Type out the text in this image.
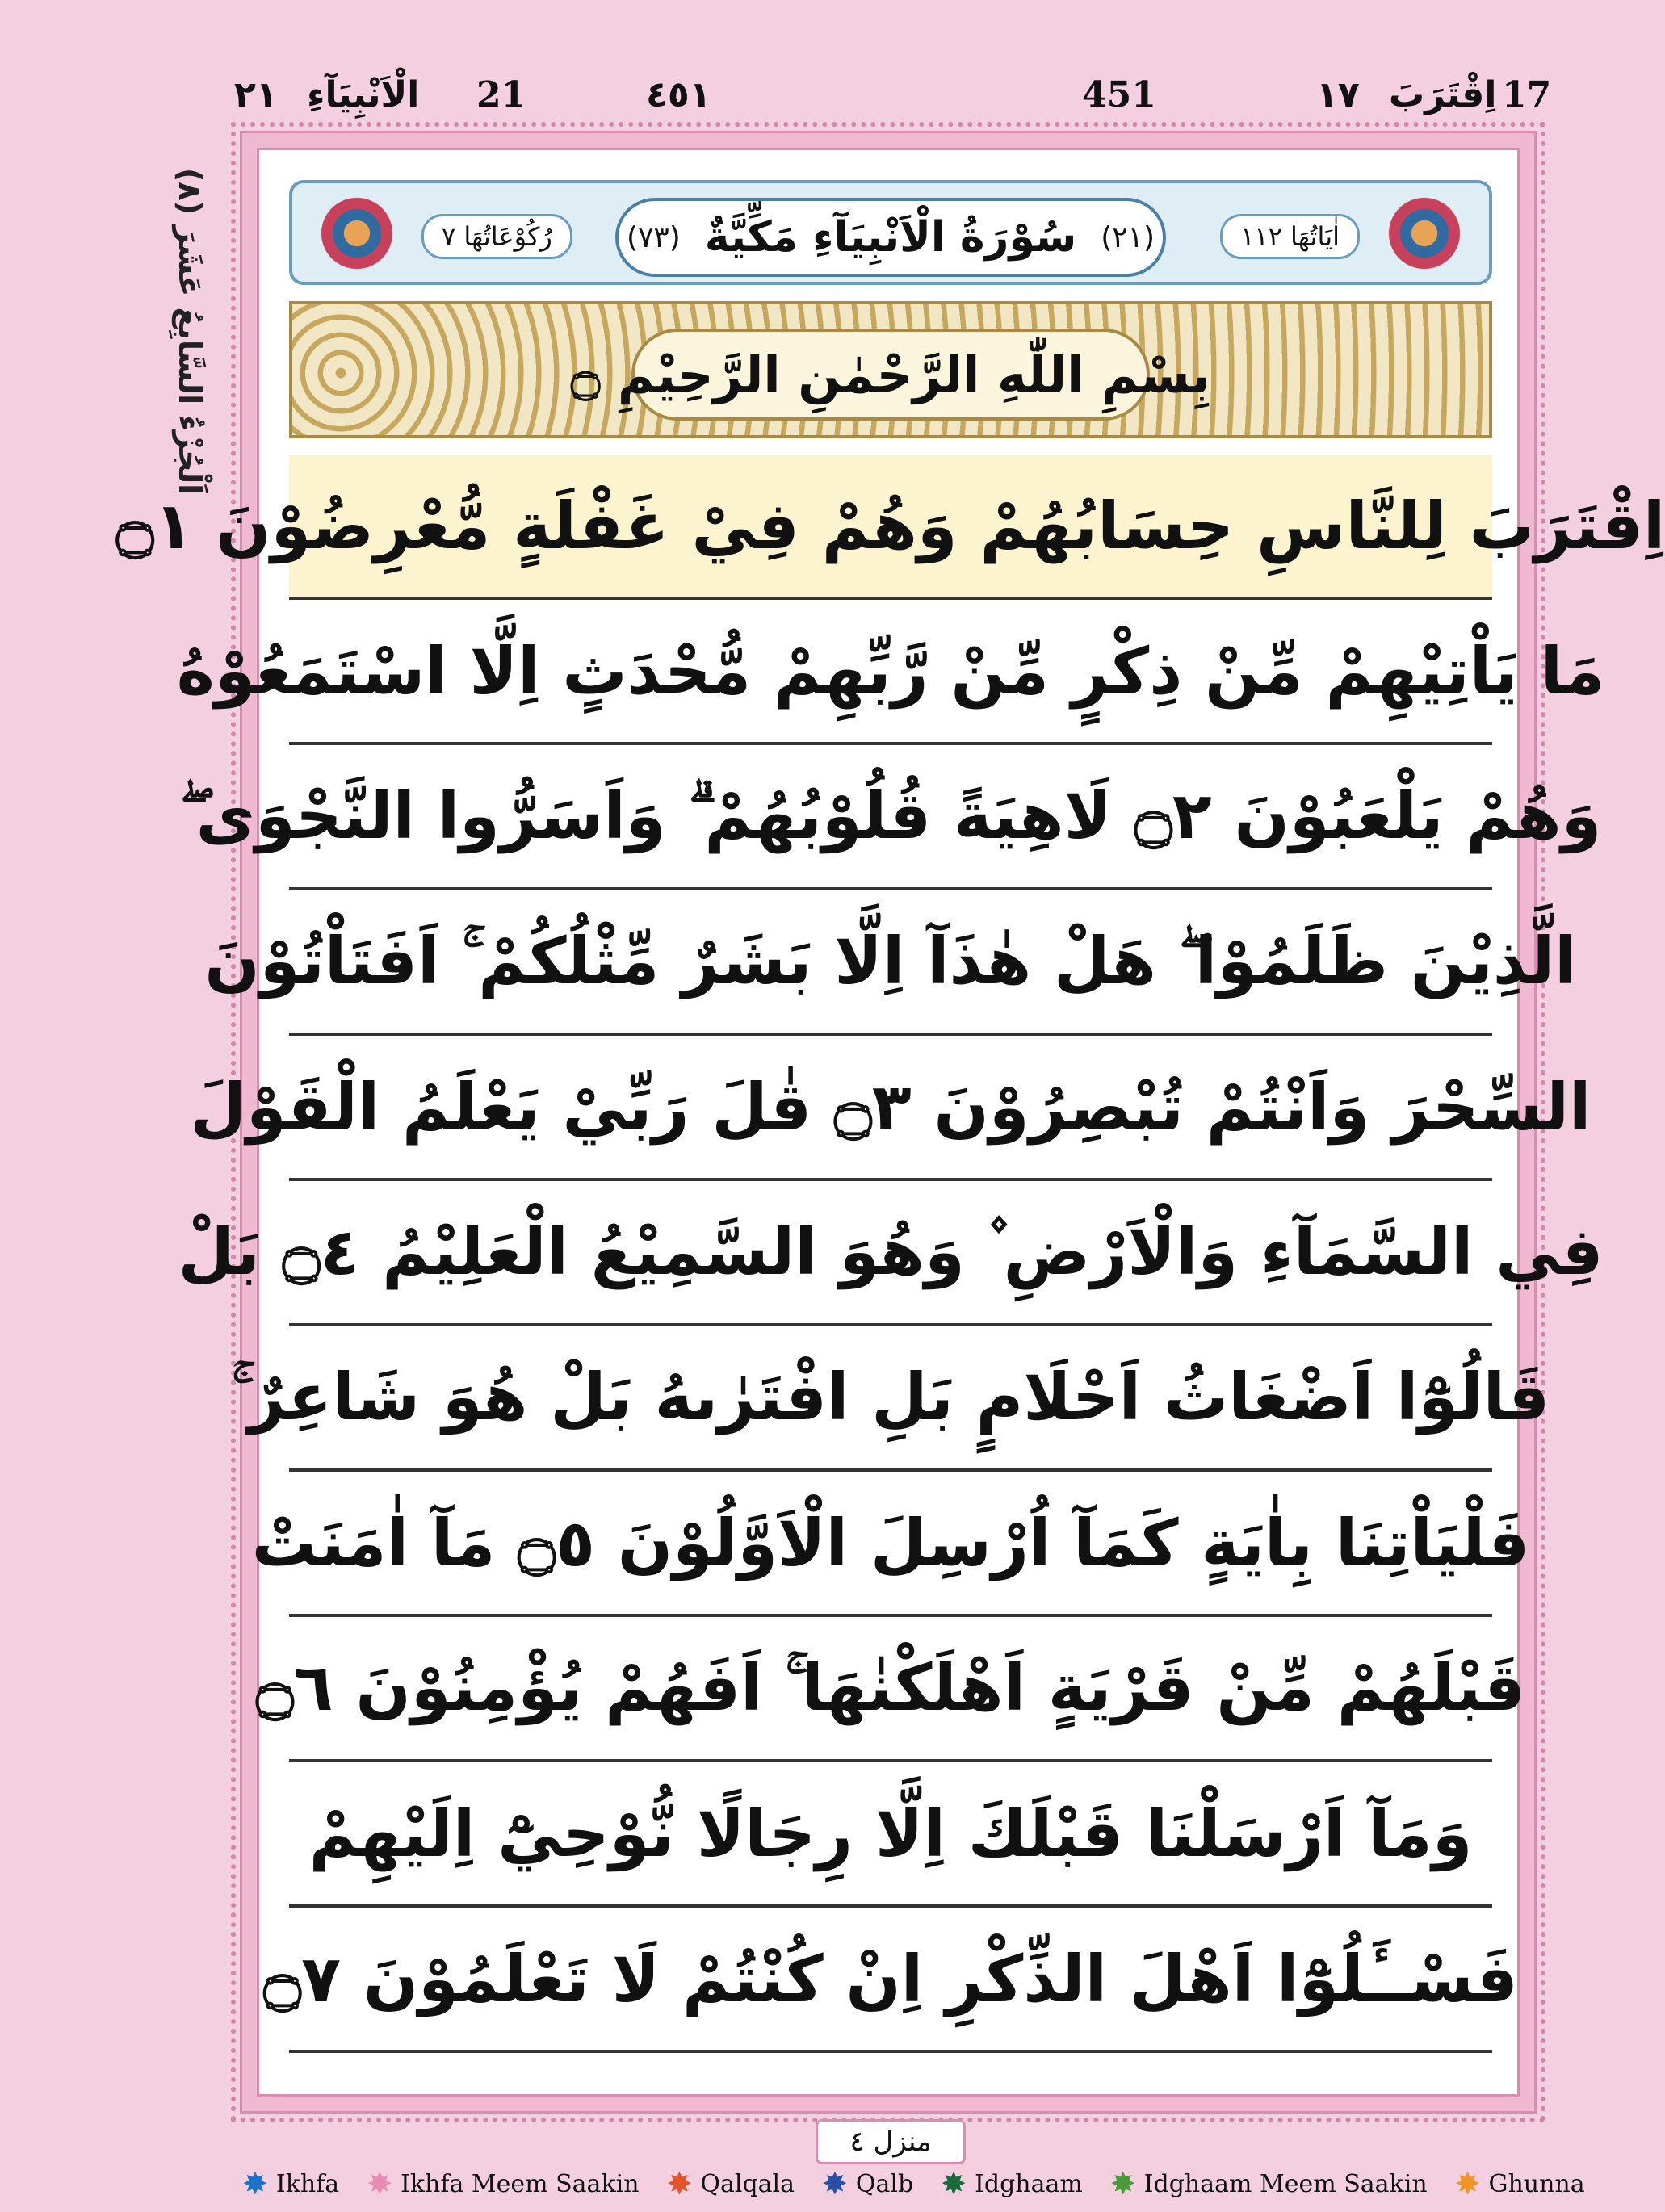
٢١ الْاَنْبِيَآءِ 21	٤٥١	451	١٧ اِقْتَرَبَ 17
(٨) اَلْجُزْءُ السَّابِعُ عَشَرَ	رُكُوْعَاتُهَا ٧	اٰيَاتُهَا ١١٢
(٢١)
سُوْرَةُ الْاَنْبِيَآءِ مَكِّيَّةٌ
(٧٣)
بِسْمِ اللّٰهِ الرَّحْمٰنِ الرَّحِيْمِ ۝
اِقْتَرَبَ لِلنَّاسِ حِسَابُهُمْ وَهُمْ فِيْ غَفْلَةٍ مُّعْرِضُوْنَ ۝١
مَا يَاْتِيْهِمْ مِّنْ ذِكْرٍ مِّنْ رَّبِّهِمْ مُّحْدَثٍ اِلَّا اسْتَمَعُوْهُ
وَهُمْ يَلْعَبُوْنَ ۝٢ لَاهِيَةً قُلُوْبُهُمْ ۗ وَاَسَرُّوا النَّجْوَى ۖ
الَّذِيْنَ ظَلَمُوْا ۖ هَلْ هٰذَآ اِلَّا بَشَرٌ مِّثْلُكُمْ ۚ اَفَتَاْتُوْنَ
السِّحْرَ وَاَنْتُمْ تُبْصِرُوْنَ ۝٣ قٰلَ رَبِّيْ يَعْلَمُ الْقَوْلَ
فِي السَّمَآءِ وَالْاَرْضِ ۫ وَهُوَ السَّمِيْعُ الْعَلِيْمُ ۝٤ بَلْ
قَالُوْٓا اَضْغَاثُ اَحْلَامٍ بَلِ افْتَرٰىهُ بَلْ هُوَ شَاعِرٌ ۚ
فَلْيَاْتِنَا بِاٰيَةٍ كَمَآ اُرْسِلَ الْاَوَّلُوْنَ ۝٥ مَآ اٰمَنَتْ
قَبْلَهُمْ مِّنْ قَرْيَةٍ اَهْلَكْنٰهَا ۚ اَفَهُمْ يُؤْمِنُوْنَ ۝٦
وَمَآ اَرْسَلْنَا قَبْلَكَ اِلَّا رِجَالًا نُّوْحِيْٓ اِلَيْهِمْ
فَسْــَٔلُوْٓا اَهْلَ الذِّكْرِ اِنْ كُنْتُمْ لَا تَعْلَمُوْنَ ۝٧
منزل ٤
✸ Ikhfa ✸ Ikhfa Meem Saakin ✸ Qalqala ✸ Qalb ✸ Idghaam ✸ Idghaam Meem Saakin ✸ Ghunna
